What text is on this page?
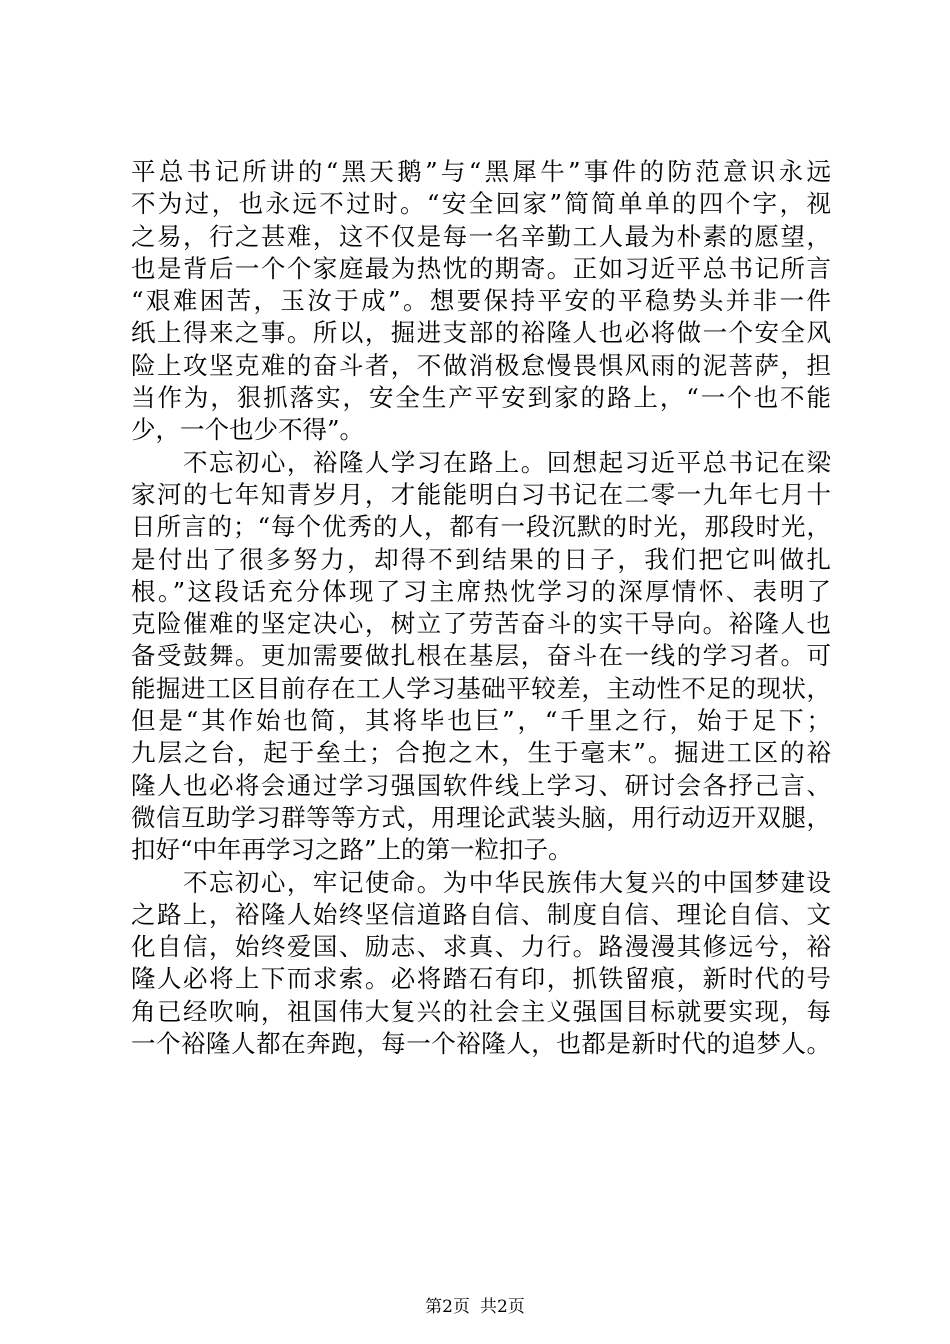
平总书记所讲的“黑天鹅”与“黑犀牛”事件的防范意识永远
不为过，也永远不过时。“安全回家”简简单单的四个字，视
之易，行之甚难，这不仅是每一名辛勤工人最为朴素的愿望，
也是背后一个个家庭最为热忱的期寄。正如习近平总书记所言
“艰难困苦，玉汝于成”。想要保持平安的平稳势头并非一件
纸上得来之事。所以，掘进支部的裕隆人也必将做一个安全风
险上攻坚克难的奋斗者，不做消极怠慢畏惧风雨的泥菩萨，担
当作为，狠抓落实，安全生产平安到家的路上，“一个也不能
少，一个也少不得”。
　　不忘初心，裕隆人学习在路上。回想起习近平总书记在梁
家河的七年知青岁月，才能能明白习书记在二零一九年七月十
日所言的；“每个优秀的人，都有一段沉默的时光，那段时光，
是付出了很多努力，却得不到结果的日子，我们把它叫做扎
根。”这段话充分体现了习主席热忱学习的深厚情怀、表明了
克险催难的坚定决心，树立了劳苦奋斗的实干导向。裕隆人也
备受鼓舞。更加需要做扎根在基层，奋斗在一线的学习者。可
能掘进工区目前存在工人学习基础平较差，主动性不足的现状，
但是“其作始也简，其将毕也巨”，“千里之行，始于足下；
九层之台，起于垒土；合抱之木，生于毫末”。掘进工区的裕
隆人也必将会通过学习强国软件线上学习、研讨会各抒己言、
微信互助学习群等等方式，用理论武装头脑，用行动迈开双腿，
扣好“中年再学习之路”上的第一粒扣子。
　　不忘初心，牢记使命。为中华民族伟大复兴的中国梦建设
之路上，裕隆人始终坚信道路自信、制度自信、理论自信、文
化自信，始终爱国、励志、求真、力行。路漫漫其修远兮，裕
隆人必将上下而求索。必将踏石有印，抓铁留痕，新时代的号
角已经吹响，祖国伟大复兴的社会主义强国目标就要实现，每
一个裕隆人都在奔跑，每一个裕隆人，也都是新时代的追梦人。
第2页 共2页
